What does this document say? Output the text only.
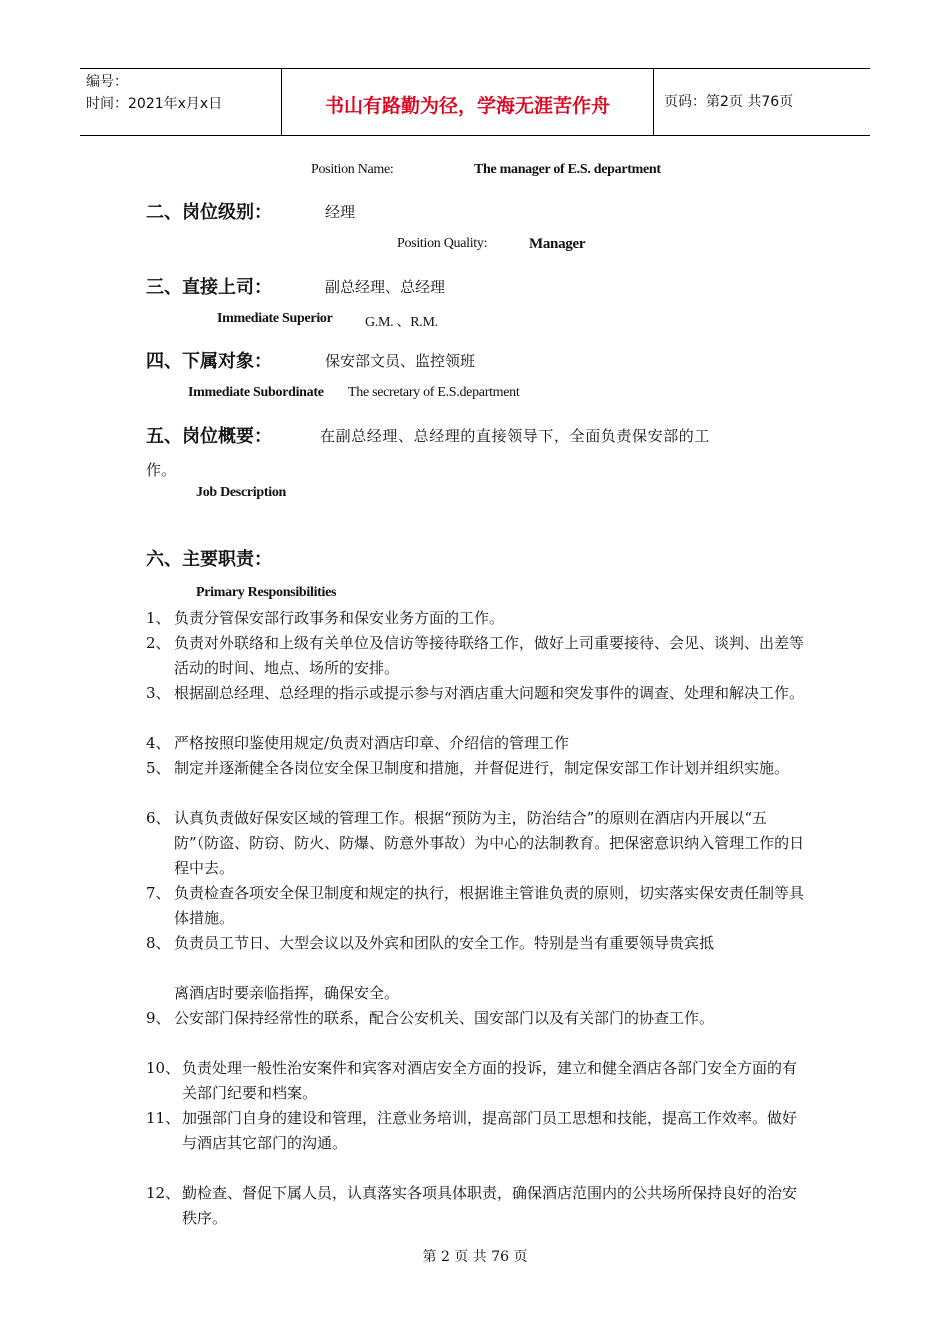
编号：
时间：2021年x月x日	书山有路勤为径，学海无涯苦作舟	页码：第2页 共76页
Position Name:	The manager of E.S. department
二、岗位级别：	经理
Position Quality:	Manager
三、直接上司：	副总经理、总经理
Immediate Superior G.M. 、R.M.
四、下属对象：	保安部文员、监控领班
Immediate Subordinate The secretary of E.S.department
五、岗位概要：	在副总经理、总经理的直接领导下，全面负责保安部的工
作。
Job Description
六、主要职责：
Primary Responsibilities
1、 负责分管保安部行政事务和保安业务方面的工作。
2、 负责对外联络和上级有关单位及信访等接待联络工作，做好上司重要接待、会见、谈判、出差等活动的时间、地点、场所的安排。
3、 根据副总经理、总经理的指示或提示参与对酒店重大问题和突发事件的调查、处理和解决工作。
4、 严格按照印鉴使用规定/负责对酒店印章、介绍信的管理工作
5、 制定并逐渐健全各岗位安全保卫制度和措施，并督促进行，制定保安部工作计划并组织实施。
6、 认真负责做好保安区域的管理工作。根据“预防为主，防治结合”的原则在酒店内开展以“五防”（防盗、防窃、防火、防爆、防意外事故）为中心的法制教育。把保密意识纳入管理工作的日程中去。
7、 负责检查各项安全保卫制度和规定的执行，根据谁主管谁负责的原则，切实落实保安责任制等具体措施。
8、 负责员工节日、大型会议以及外宾和团队的安全工作。特别是当有重要领导贵宾抵
离酒店时要亲临指挥，确保安全。
9、 公安部门保持经常性的联系，配合公安机关、国安部门以及有关部门的协查工作。
10、 负责处理一般性治安案件和宾客对酒店安全方面的投诉，建立和健全酒店各部门安全方面的有关部门纪要和档案。
11、 加强部门自身的建设和管理，注意业务培训，提高部门员工思想和技能，提高工作效率。做好与酒店其它部门的沟通。
12、 勤检查、督促下属人员，认真落实各项具体职责，确保酒店范围内的公共场所保持良好的治安秩序。
第 2 页 共 76 页
